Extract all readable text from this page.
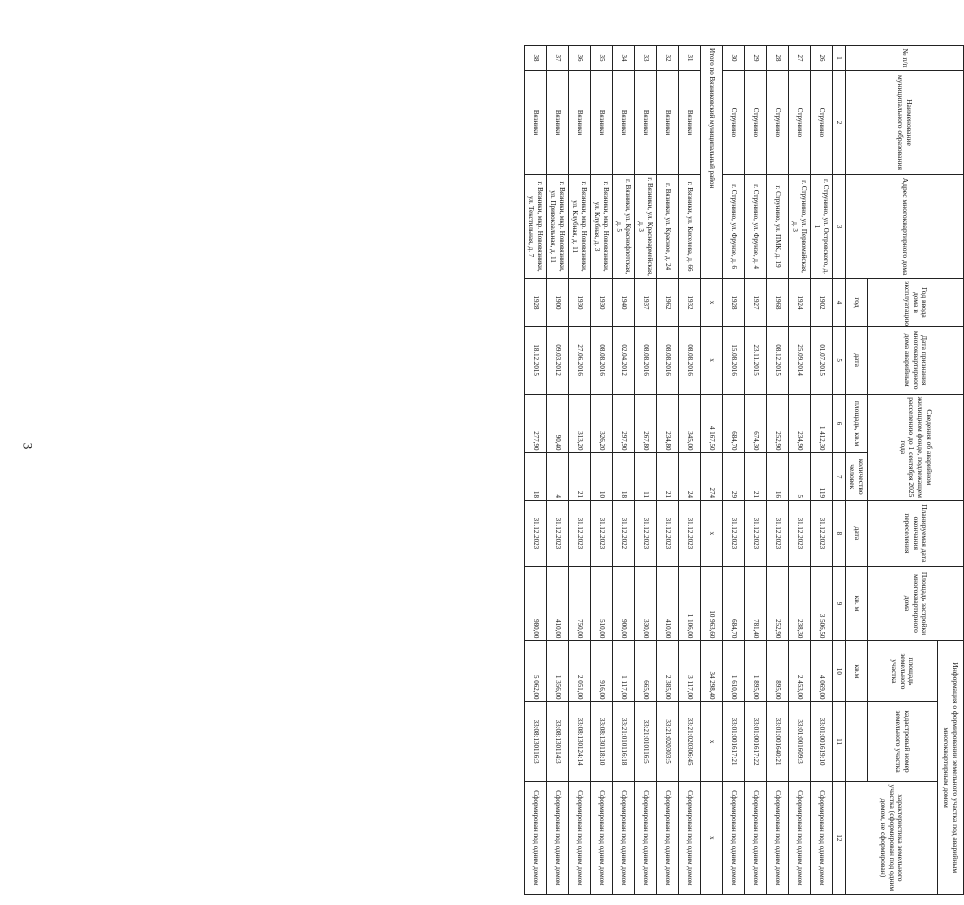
3
№ п/п	Наименование муниципального образования	Адрес многоквартирного дома	Год ввода дома в эксплуатацию	Дата признания многоквартирного дома аварийным	Сведения об аварийном жилищном фонде, подлежащем расселению до 1 сентября 2025 года		Планируемая дата окончания переселения	Площадь застройки многоквартирного дома	Информация о формировании земельного участка под аварийным многоквартирным домом		
									площадь земельного участка	кадастровый номер земельного участка	характеристика земельного участка (сформирован под одним домом, не сформирован)
			год	дата	площадь, кв.м	количество человек	дата	кв. м	кв.м		
1	2	3	4	5	6	7	8	9	10	11	12
26	Струнино	г. Струнино, ул. Островского, д. 1	1902	01.07.2015	1 412,30	119	31.12.2023	3 506,50	4 069,00	33:01:001619:10	Сформирован под одним домом
27	Струнино	г. Струнино, ул. Первомайская, д. 3	1924	25.09.2014	234,90	5	31.12.2023	238,30	2 453,00	33:01:001609:3	Сформирован под одним домом
28	Струнино	г. Струнино, ул. ПМК, д. 19	1968	08.12.2015	252,90	16	31.12.2023	252,90	895,00	33:01:001640:21	Сформирован под одним домом
29	Струнино	г. Струнино, ул. Фрунзе, д. 4	1927	23.11.2015	674,30	21	31.12.2023	781,40	1 895,00	33:01:001617:22	Сформирован под одним домом
30	Струнино	г. Струнино, ул. Фрунзе, д. 6	1928	15.08.2016	684,70	29	31.12.2023	684,70	1 610,00	33:01:001617:21	Сформирован под одним домом
Итого по Вязниковский муниципальный район			x	x	4 167,50	274	x	10 963,60	34 298,40	x	x
31	Вязники	г. Вязники, ул. Киселева, д. 66	1932	08.08.2016	345,00	24	31.12.2023	1 106,00	3 117,00	33:21:020306:45	Сформирован под одним домом
32	Вязники	г. Вязники, ул. Красное, д. 24	1962	08.08.2016	234,80	21	31.12.2023	410,00	2 385,00	33:21:020303:5	Сформирован под одним домом
33	Вязники	г. Вязники, ул. Красноармейская, д. 3	1937	08.08.2016	267,80	11	31.12.2023	330,00	665,00	33:21:010116:5	Сформирован под одним домом
34	Вязники	г. Вязники, ул. Краснофлотская, д. 5	1940	02.04.2012	297,90	18	31.12.2022	900,00	1 117,00	33:21:010116:18	Сформирован под одним домом
35	Вязники	г. Вязники, мкр. Нововязники, ул. Клубная, д. 3	1930	08.08.2016	326,20	10	31.12.2023	510,00	916,00	33:08:130118:10	Сформирован под одним домом
36	Вязники	г. Вязники, мкр. Нововязники, ул. Клубная, д. 11	1930	27.06.2016	313,20	21	31.12.2023	750,00	2 051,00	33:08:130124:14	Сформирован под одним домом
37	Вязники	г. Вязники, мкр. Нововязники, ул. Привокзальная, д. 11	1900	09.03.2012	90,40	4	31.12.2023	410,00	1 356,00	33:08:130114:3	Сформирован под одним домом
38	Вязники	г. Вязники, мкр. Нововязники, ул. Текстильная, д. 7	1928	18.12.2015	277,90	18	31.12.2023	980,00	5 062,00	33:08:130116:3	Сформирован под одним домом
